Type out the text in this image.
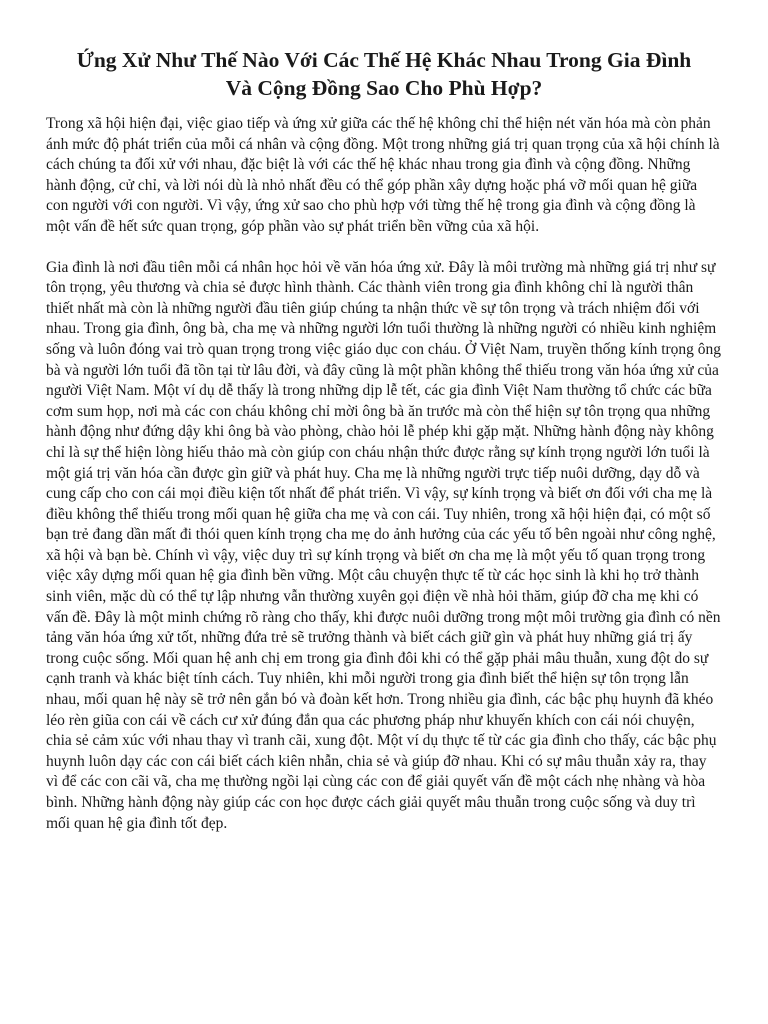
Ứng Xử Như Thế Nào Với Các Thế Hệ Khác Nhau Trong Gia Đình
Và Cộng Đồng Sao Cho Phù Hợp?

Trong xã hội hiện đại, việc giao tiếp và ứng xử giữa các thế hệ không chỉ thể hiện nét văn hóa mà còn phản ánh mức độ phát triển của mỗi cá nhân và cộng đồng. Một trong những giá trị quan trọng của xã hội chính là cách chúng ta đối xử với nhau, đặc biệt là với các thế hệ khác nhau trong gia đình và cộng đồng. Những hành động, cử chỉ, và lời nói dù là nhỏ nhất đều có thể góp phần xây dựng hoặc phá vỡ mối quan hệ giữa con người với con người. Vì vậy, ứng xử sao cho phù hợp với từng thế hệ trong gia đình và cộng đồng là một vấn đề hết sức quan trọng, góp phần vào sự phát triển bền vững của xã hội.

Gia đình là nơi đầu tiên mỗi cá nhân học hỏi về văn hóa ứng xử. Đây là môi trường mà những giá trị như sự tôn trọng, yêu thương và chia sẻ được hình thành. Các thành viên trong gia đình không chỉ là người thân thiết nhất mà còn là những người đầu tiên giúp chúng ta nhận thức về sự tôn trọng và trách nhiệm đối với nhau. Trong gia đình, ông bà, cha mẹ và những người lớn tuổi thường là những người có nhiều kinh nghiệm sống và luôn đóng vai trò quan trọng trong việc giáo dục con cháu. Ở Việt Nam, truyền thống kính trọng ông bà và người lớn tuổi đã tồn tại từ lâu đời, và đây cũng là một phần không thể thiếu trong văn hóa ứng xử của người Việt Nam. Một ví dụ dễ thấy là trong những dịp lễ tết, các gia đình Việt Nam thường tổ chức các bữa cơm sum họp, nơi mà các con cháu không chỉ mời ông bà ăn trước mà còn thể hiện sự tôn trọng qua những hành động như đứng dậy khi ông bà vào phòng, chào hỏi lễ phép khi gặp mặt. Những hành động này không chỉ là sự thể hiện lòng hiếu thảo mà còn giúp con cháu nhận thức được rằng sự kính trọng người lớn tuổi là một giá trị văn hóa cần được gìn giữ và phát huy. Cha mẹ là những người trực tiếp nuôi dưỡng, dạy dỗ và cung cấp cho con cái mọi điều kiện tốt nhất để phát triển. Vì vậy, sự kính trọng và biết ơn đối với cha mẹ là điều không thể thiếu trong mối quan hệ giữa cha mẹ và con cái. Tuy nhiên, trong xã hội hiện đại, có một số bạn trẻ đang dần mất đi thói quen kính trọng cha mẹ do ảnh hưởng của các yếu tố bên ngoài như công nghệ, xã hội và bạn bè. Chính vì vậy, việc duy trì sự kính trọng và biết ơn cha mẹ là một yếu tố quan trọng trong việc xây dựng mối quan hệ gia đình bền vững. Một câu chuyện thực tế từ các học sinh là khi họ trở thành sinh viên, mặc dù có thể tự lập nhưng vẫn thường xuyên gọi điện về nhà hỏi thăm, giúp đỡ cha mẹ khi có vấn đề. Đây là một minh chứng rõ ràng cho thấy, khi được nuôi dưỡng trong một môi trường gia đình có nền tảng văn hóa ứng xử tốt, những đứa trẻ sẽ trưởng thành và biết cách giữ gìn và phát huy những giá trị ấy trong cuộc sống. Mối quan hệ anh chị em trong gia đình đôi khi có thể gặp phải mâu thuẫn, xung đột do sự cạnh tranh và khác biệt tính cách. Tuy nhiên, khi mỗi người trong gia đình biết thể hiện sự tôn trọng lẫn nhau, mối quan hệ này sẽ trở nên gắn bó và đoàn kết hơn. Trong nhiều gia đình, các bậc phụ huynh đã khéo léo rèn giũa con cái về cách cư xử đúng đắn qua các phương pháp như khuyến khích con cái nói chuyện, chia sẻ cảm xúc với nhau thay vì tranh cãi, xung đột. Một ví dụ thực tế từ các gia đình cho thấy, các bậc phụ huynh luôn dạy các con cái biết cách kiên nhẫn, chia sẻ và giúp đỡ nhau. Khi có sự mâu thuẫn xảy ra, thay vì để các con cãi vã, cha mẹ thường ngồi lại cùng các con để giải quyết vấn đề một cách nhẹ nhàng và hòa bình. Những hành động này giúp các con học được cách giải quyết mâu thuẫn trong cuộc sống và duy trì mối quan hệ gia đình tốt đẹp.
